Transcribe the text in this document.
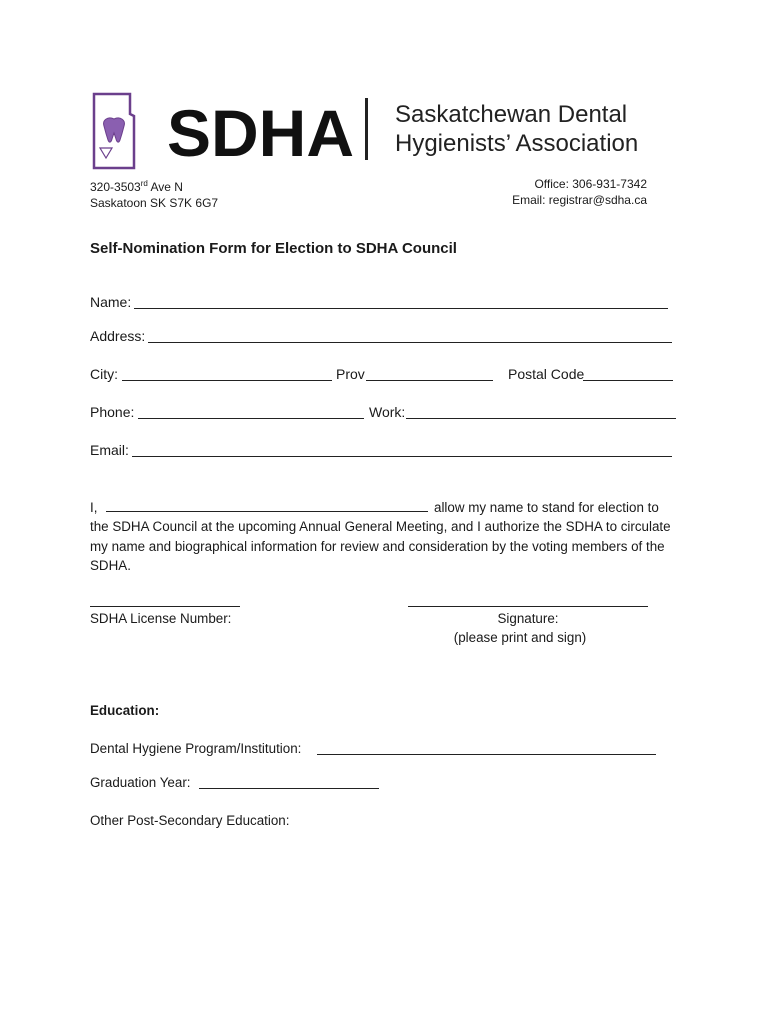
SDHA Saskatchewan Dental
Hygienists’ Association
320-3503rd Ave N
Saskatoon SK S7K 6G7
Office: 306-931-7342
Email: registrar@sdha.ca
Self-Nomination Form for Election to SDHA Council
Name:
Address:
City:	Prov	Postal Code
Phone:	Work:
Email:
I,	allow my name to stand for election to
the SDHA Council at the upcoming Annual General Meeting, and I authorize the SDHA to circulate my name and biographical information for review and consideration by the voting members of the SDHA.
SDHA License Number:	Signature:
(please print and sign)
Education:
Dental Hygiene Program/Institution:
Graduation Year:
Other Post-Secondary Education:
